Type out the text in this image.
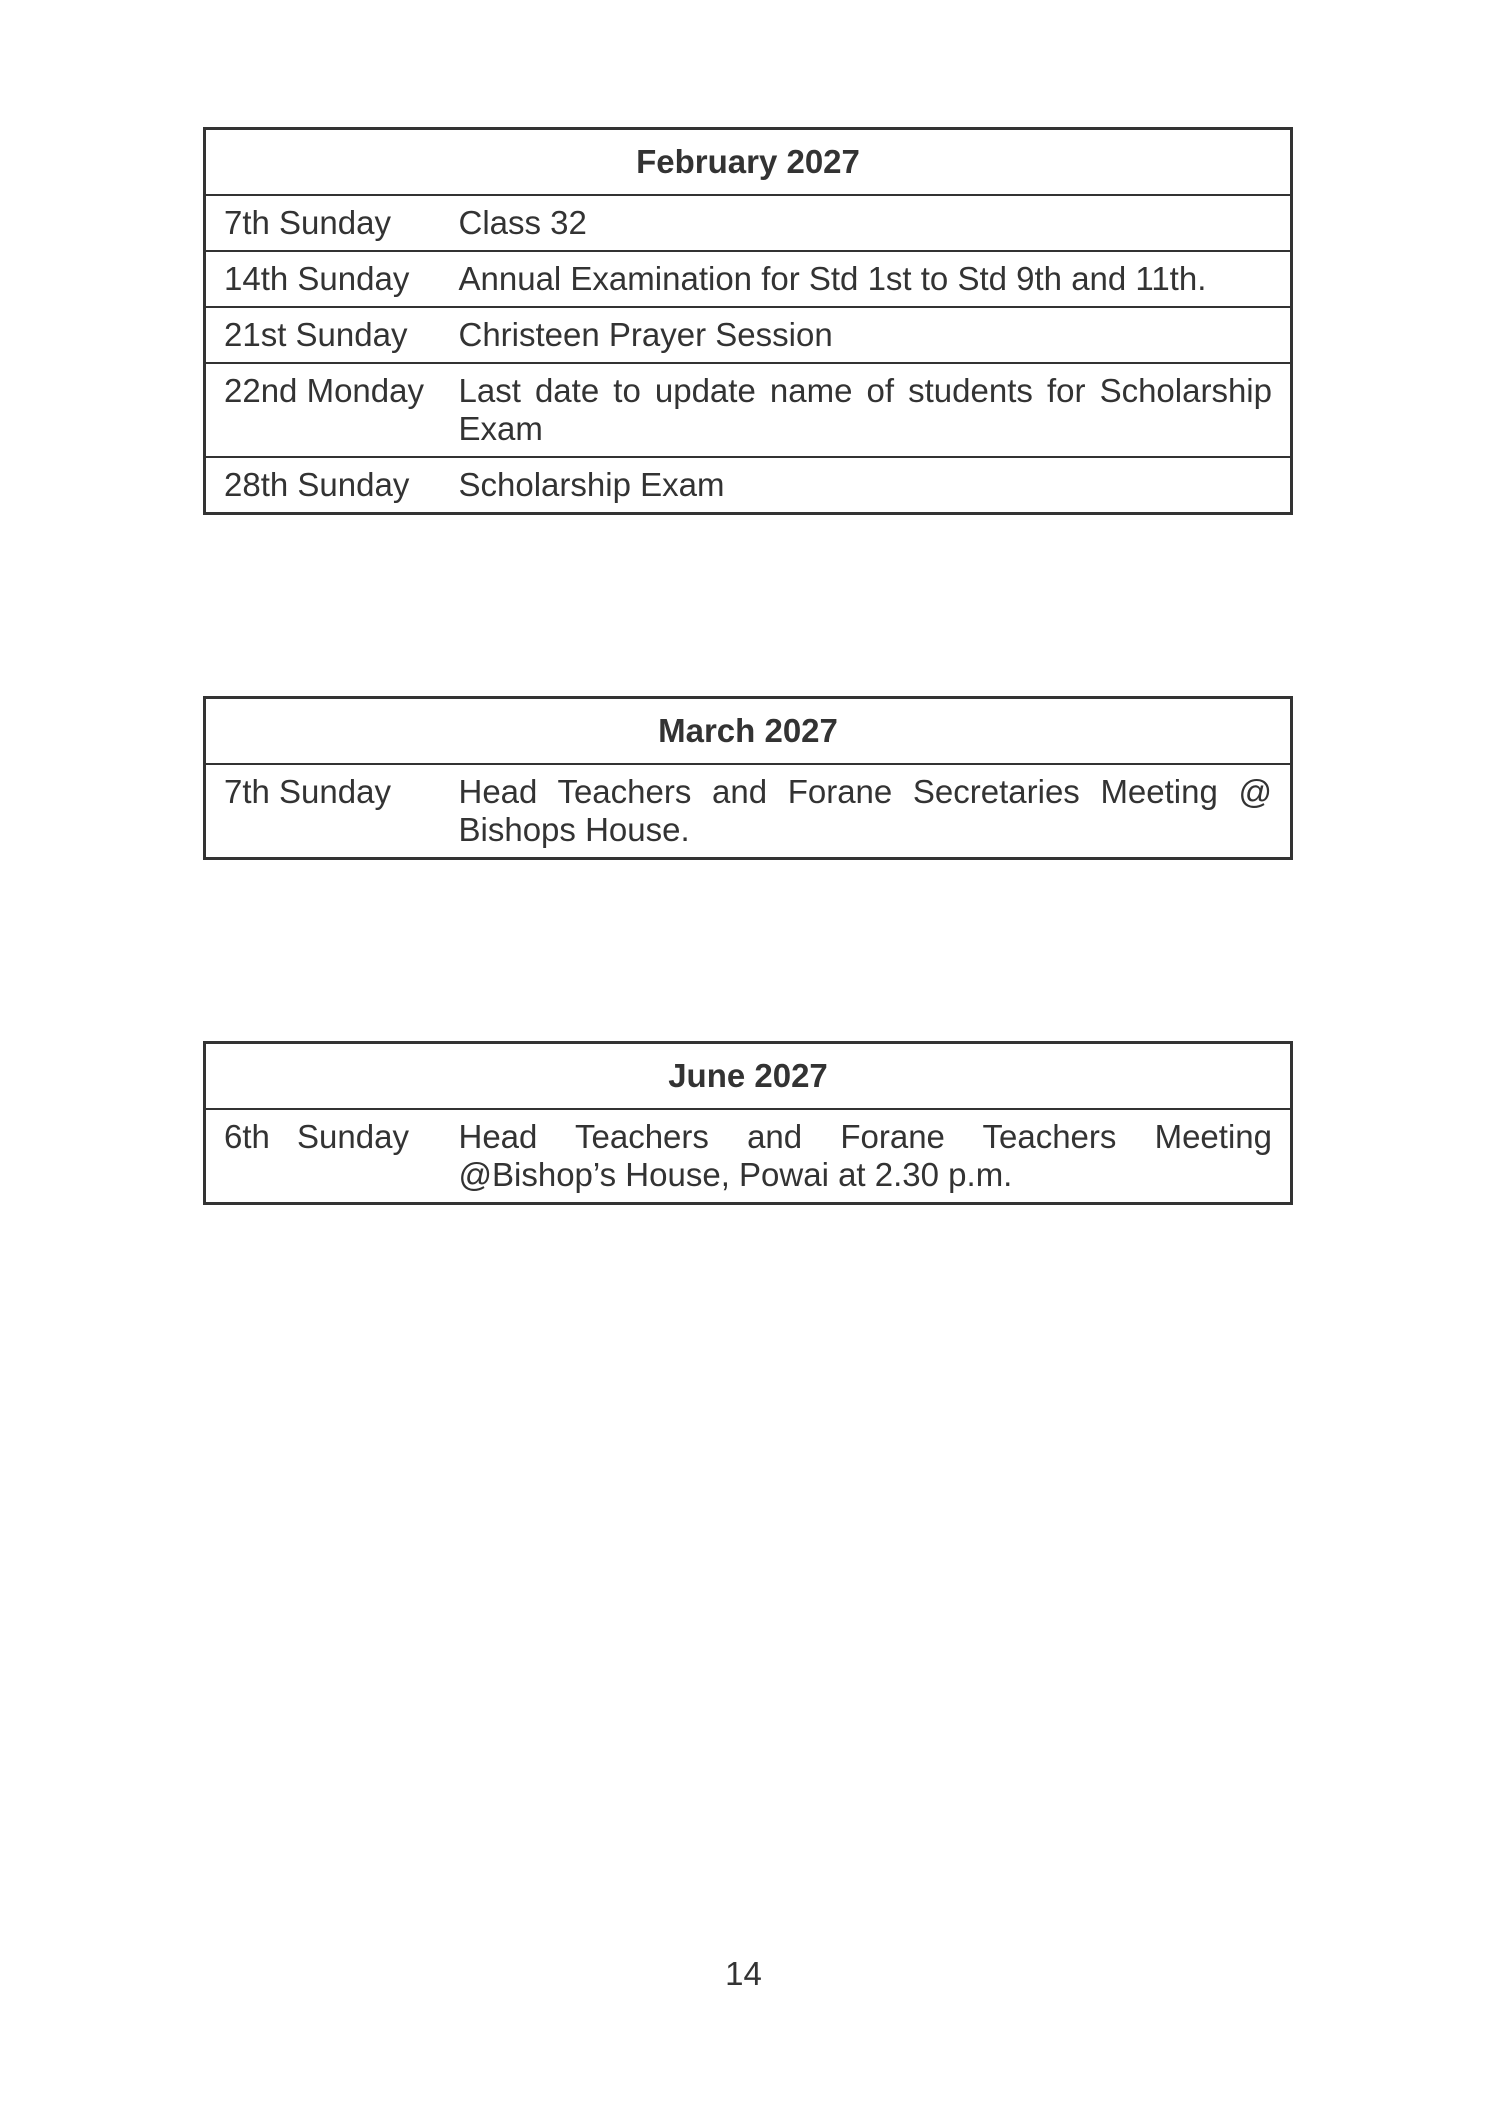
February 2027	
7th Sunday	Class 32
14th Sunday	Annual Examination for Std 1st to Std 9th and 11th.
21st Sunday	Christeen Prayer Session
22nd Monday	Last date to update name of students for Scholarship Exam
28th Sunday	Scholarship Exam
March 2027
7th Sunday	Head Teachers and Forane Secretaries Meeting @ Bishops House.
June 2027
6th Sunday	Head Teachers and Forane Teachers Meeting @Bishop’s House, Powai at 2.30 p.m.
14
